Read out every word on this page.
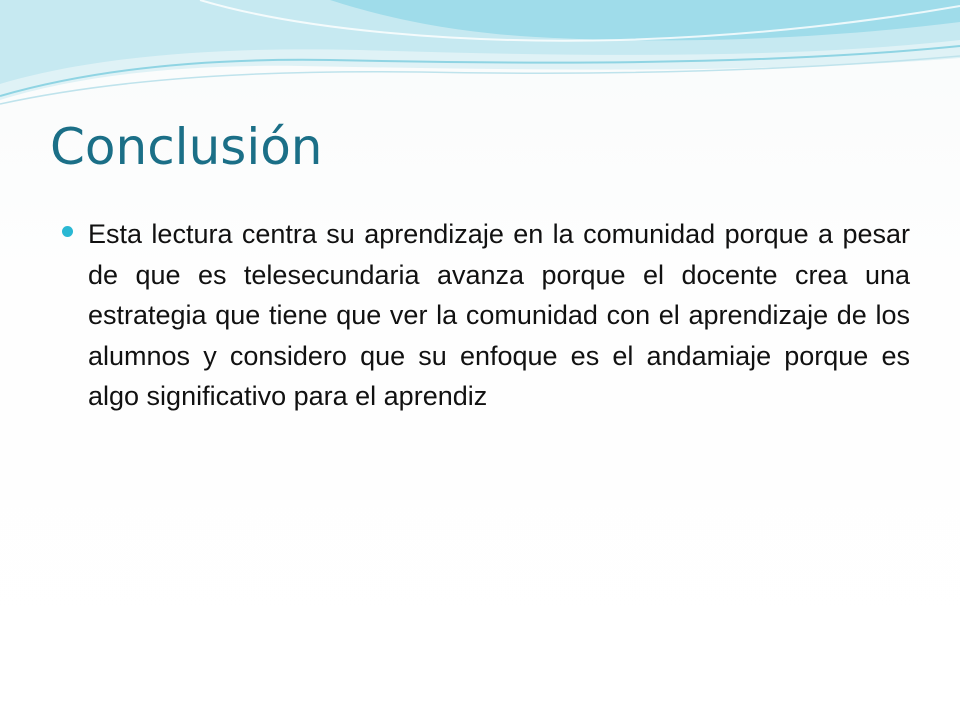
Conclusión
Esta lectura centra su aprendizaje en la comunidad porque a pesar de que es telesecundaria avanza porque el docente crea una estrategia que tiene que ver la comunidad con el aprendizaje de los alumnos y considero que su enfoque es el andamiaje porque es algo significativo para el aprendiz
